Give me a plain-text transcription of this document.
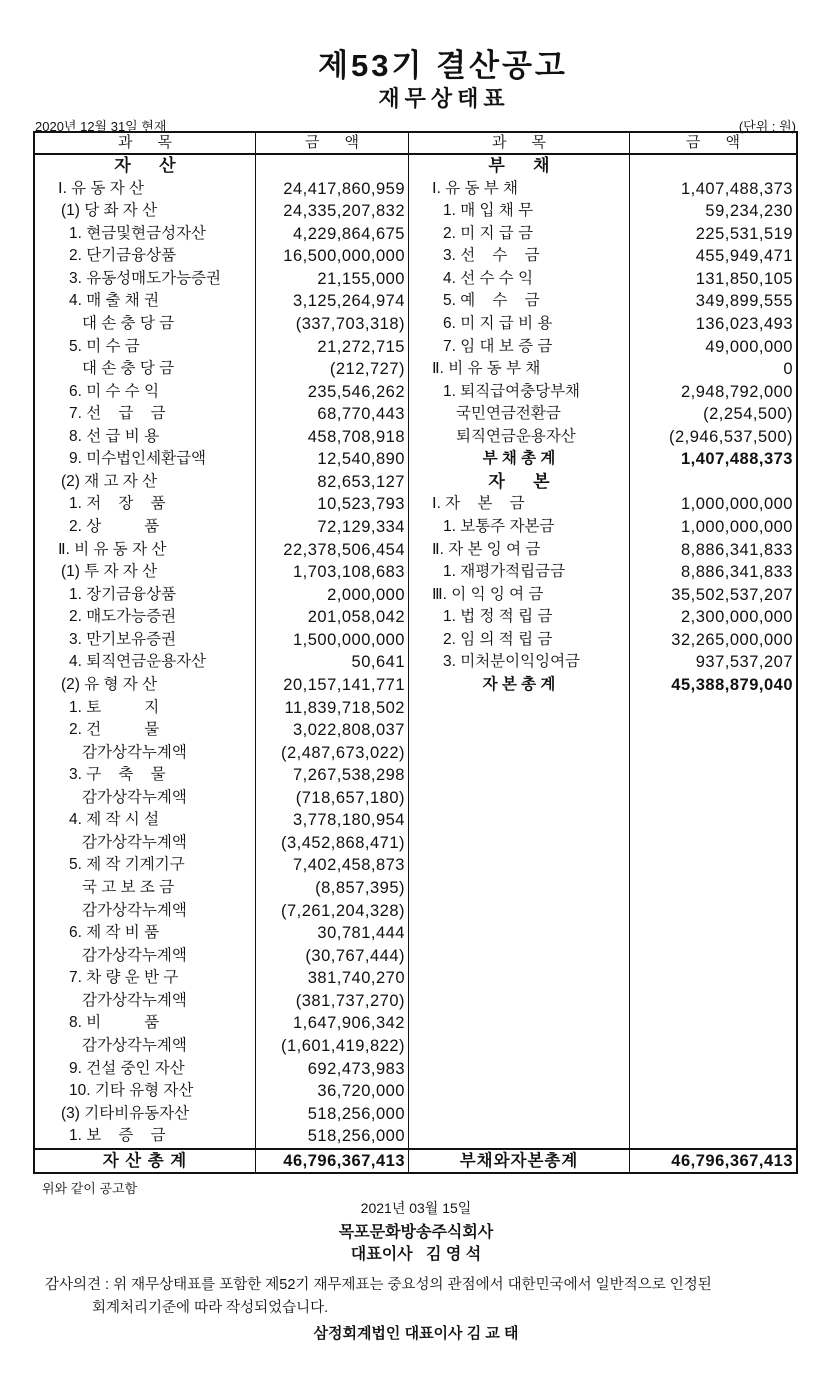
제53기 결산공고
재무상태표
2020년 12월 31일 현재	(단위 : 원)
과      목	금      액	과      목	금      액
자      산	부      채
Ⅰ. 유 동 자 산	24,417,860,959	Ⅰ. 유 동 부 채	1,407,488,373
(1) 당 좌 자 산	24,335,207,832	1. 매 입 채 무	59,234,230
1. 현금및현금성자산	4,229,864,675	2. 미 지 급 금	225,531,519
2. 단기금융상품	16,500,000,000	3. 선    수    금	455,949,471
3. 유동성매도가능증권	21,155,000	4. 선 수 수 익	131,850,105
4. 매 출 채 권	3,125,264,974	5. 예    수    금	349,899,555
대 손 충 당 금	(337,703,318)	6. 미 지 급 비 용	136,023,493
5. 미 수 금	21,272,715	7. 임 대 보 증 금	49,000,000
대 손 충 당 금	(212,727)	Ⅱ. 비 유 동 부 채	0
6. 미 수 수 익	235,546,262	1. 퇴직급여충당부채	2,948,792,000
7. 선    급    금	68,770,443	국민연금전환금	(2,254,500)
8. 선 급 비 용	458,708,918	퇴직연금운용자산	(2,946,537,500)
9. 미수법인세환급액	12,540,890	부 채 총 계	1,407,488,373
(2) 재 고 자 산	82,653,127	자      본
1. 저    장    품	10,523,793	Ⅰ. 자    본    금	1,000,000,000
2. 상          품	72,129,334	1. 보통주 자본금	1,000,000,000
Ⅱ. 비 유 동 자 산	22,378,506,454	Ⅱ. 자 본 잉 여 금	8,886,341,833
(1) 투 자 자 산	1,703,108,683	1. 재평가적립금금	8,886,341,833
1. 장기금융상품	2,000,000	Ⅲ. 이 익 잉 여 금	35,502,537,207
2. 매도가능증권	201,058,042	1. 법 정 적 립 금	2,300,000,000
3. 만기보유증권	1,500,000,000	2. 임 의 적 립 금	32,265,000,000
4. 퇴직연금운용자산	50,641	3. 미처분이익잉여금	937,537,207
(2) 유 형 자 산	20,157,141,771	자 본 총 계	45,388,879,040
1. 토          지	11,839,718,502
2. 건          물	3,022,808,037
감가상각누계액	(2,487,673,022)
3. 구    축    물	7,267,538,298
감가상각누계액	(718,657,180)
4. 제 작 시 설	3,778,180,954
감가상각누계액	(3,452,868,471)
5. 제 작 기계기구	7,402,458,873
국 고 보 조 금	(8,857,395)
감가상각누계액	(7,261,204,328)
6. 제 작 비 품	30,781,444
감가상각누계액	(30,767,444)
7. 차 량 운 반 구	381,740,270
감가상각누계액	(381,737,270)
8. 비          품	1,647,906,342
감가상각누계액	(1,601,419,822)
9. 건설 중인 자산	692,473,983
10. 기타 유형 자산	36,720,000
(3) 기타비유동자산	518,256,000
1. 보    증    금	518,256,000
자 산 총 계	46,796,367,413	부채와자본총계	46,796,367,413
위와 같이 공고함
2021년 03월 15일
목포문화방송주식회사
대표이사   김 영 석
감사의견 : 위 재무상태표를 포함한 제52기 재무제표는 중요성의 관점에서 대한민국에서 일반적으로 인정된
회계처리기준에 따라 작성되었습니다.
삼정회계법인 대표이사 김 교 태
